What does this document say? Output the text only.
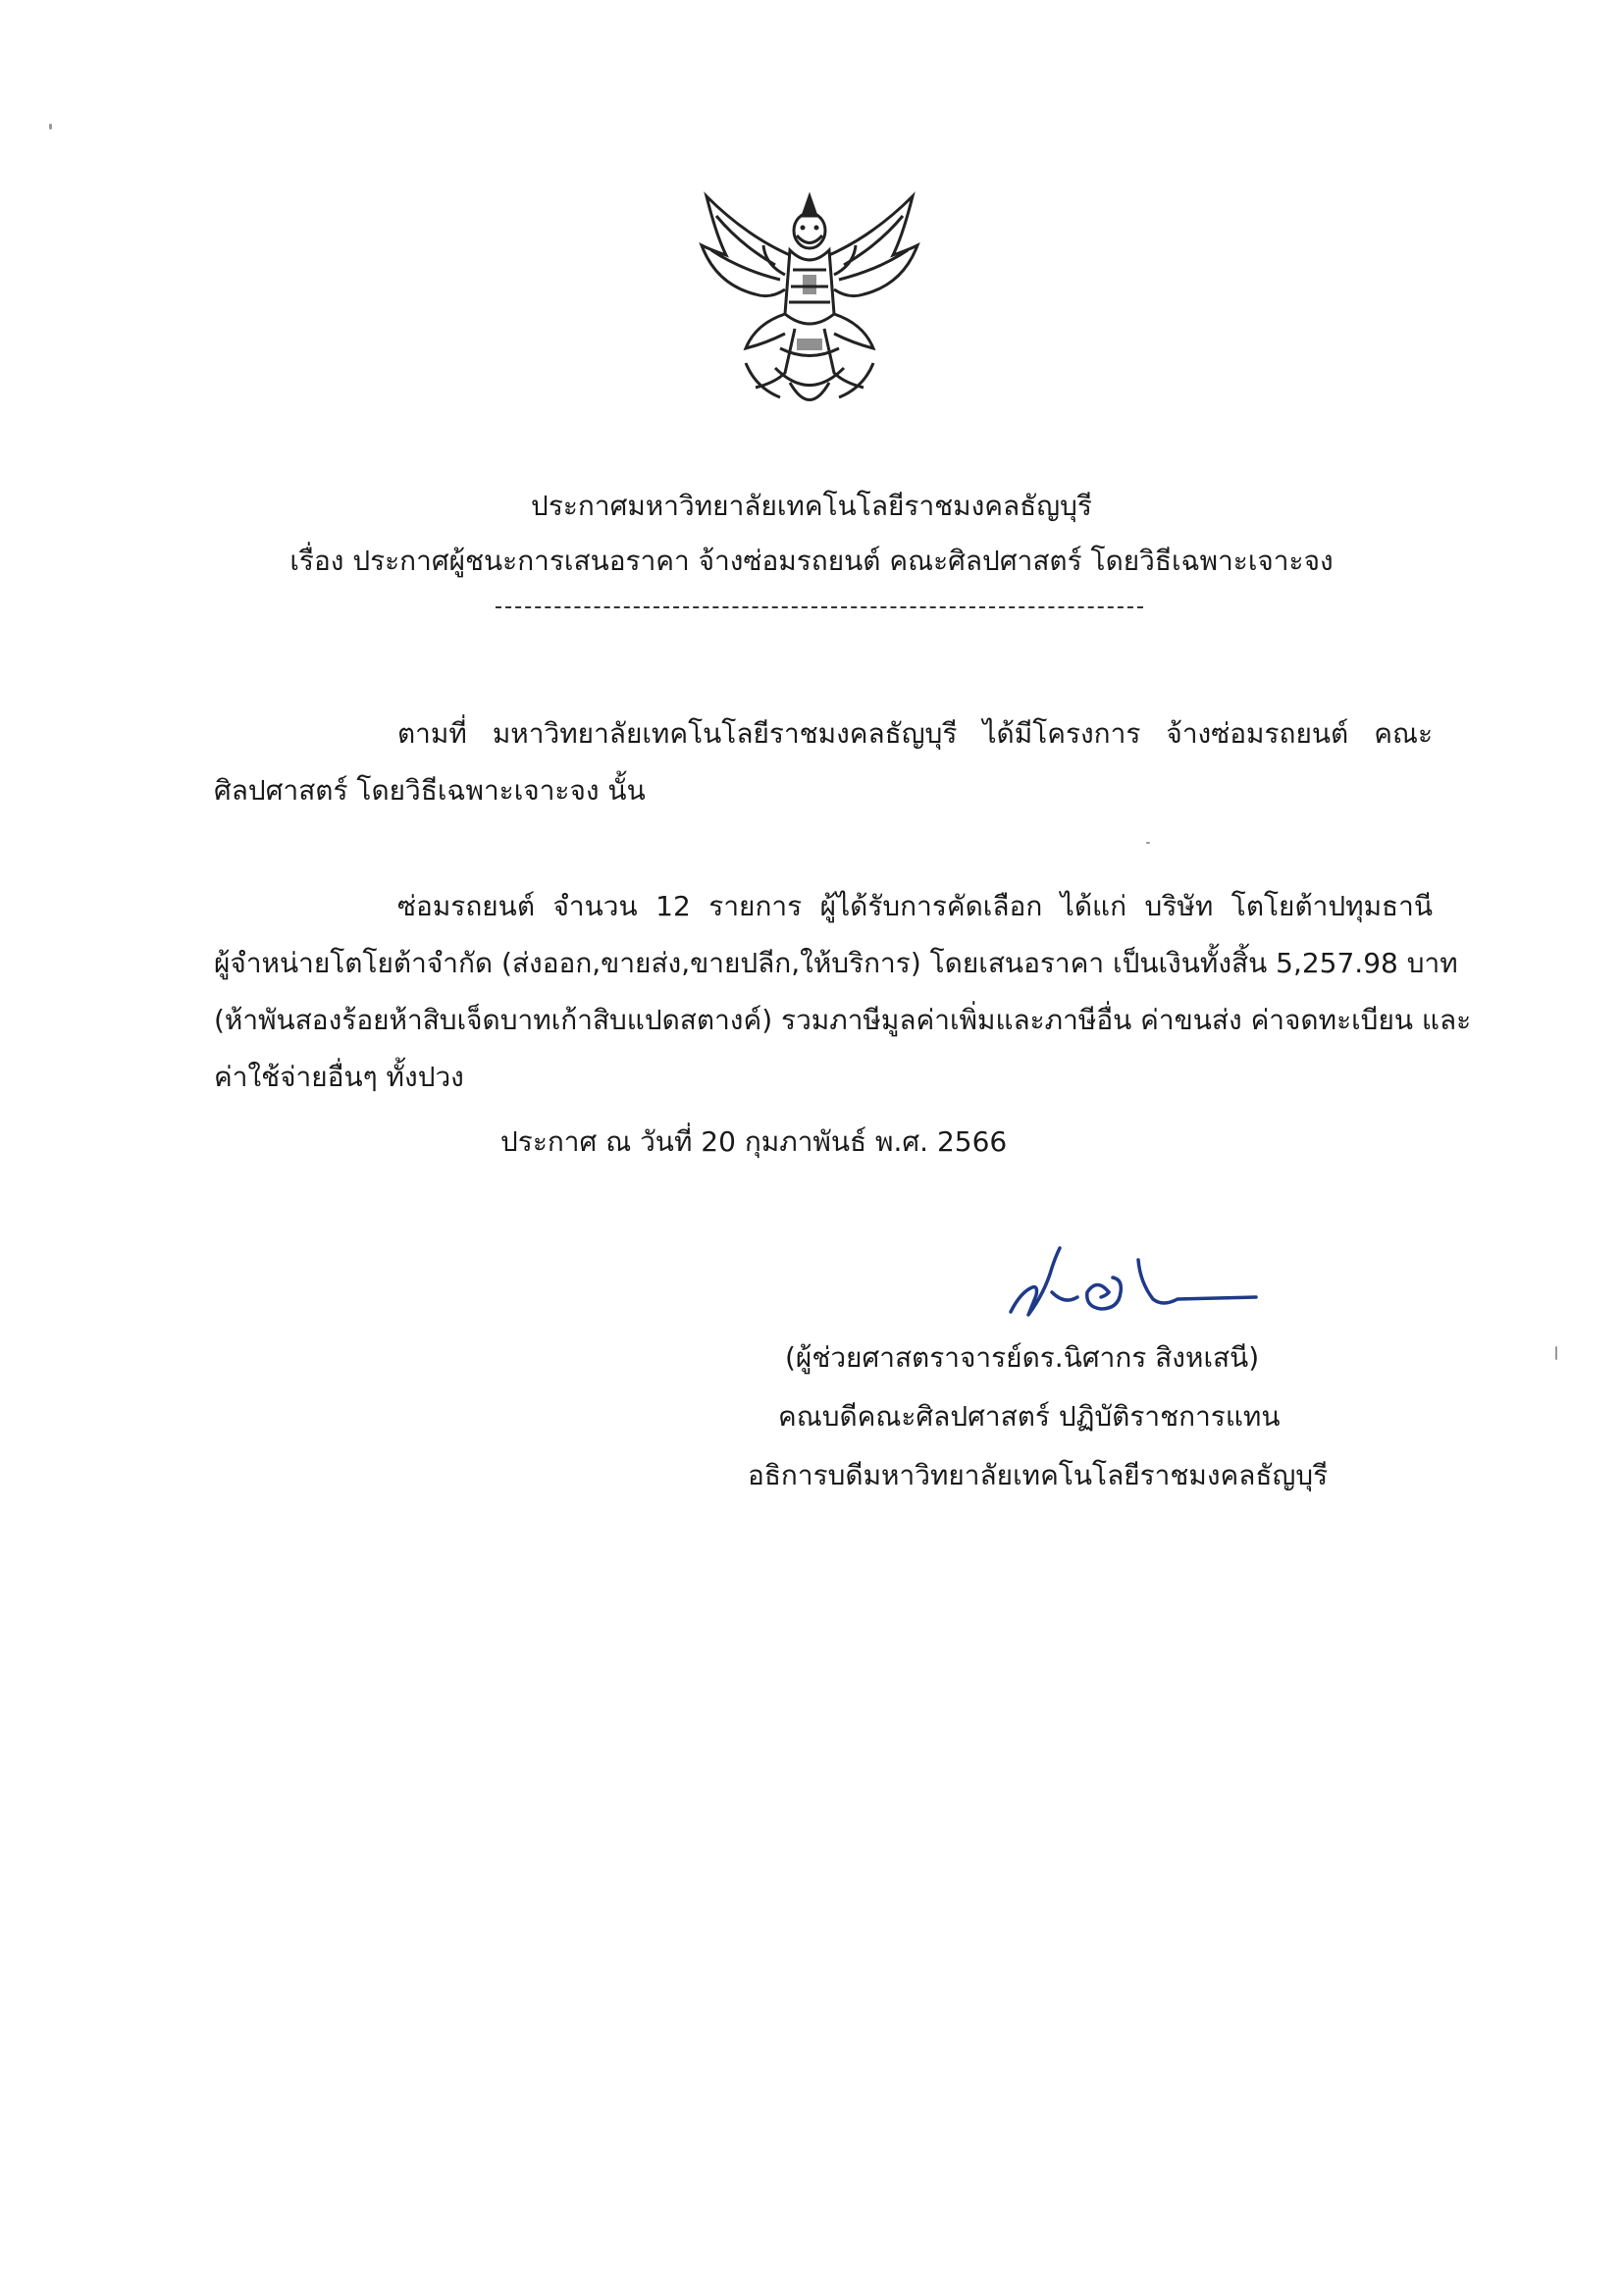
ประกาศมหาวิทยาลัยเทคโนโลยีราชมงคลธัญบุรี
เรื่อง ประกาศผู้ชนะการเสนอราคา จ้างซ่อมรถยนต์ คณะศิลปศาสตร์ โดยวิธีเฉพาะเจาะจง
ตามที่ มหาวิทยาลัยเทคโนโลยีราชมงคลธัญบุรี ได้มีโครงการ จ้างซ่อมรถยนต์ คณะ
ศิลปศาสตร์ โดยวิธีเฉพาะเจาะจง นั้น
ซ่อมรถยนต์ จำนวน 12 รายการ ผู้ได้รับการคัดเลือก ได้แก่ บริษัท โตโยต้าปทุมธานี
ผู้จำหน่ายโตโยต้าจำกัด (ส่งออก,ขายส่ง,ขายปลีก,ให้บริการ) โดยเสนอราคา เป็นเงินทั้งสิ้น 5,257.98 บาท
(ห้าพันสองร้อยห้าสิบเจ็ดบาทเก้าสิบแปดสตางค์) รวมภาษีมูลค่าเพิ่มและภาษีอื่น ค่าขนส่ง ค่าจดทะเบียน และ
ค่าใช้จ่ายอื่นๆ ทั้งปวง
ประกาศ ณ วันที่ 20 กุมภาพันธ์ พ.ศ. 2566
(ผู้ช่วยศาสตราจารย์ดร.นิศากร สิงหเสนี)
คณบดีคณะศิลปศาสตร์ ปฏิบัติราชการแทน
อธิการบดีมหาวิทยาลัยเทคโนโลยีราชมงคลธัญบุรี
